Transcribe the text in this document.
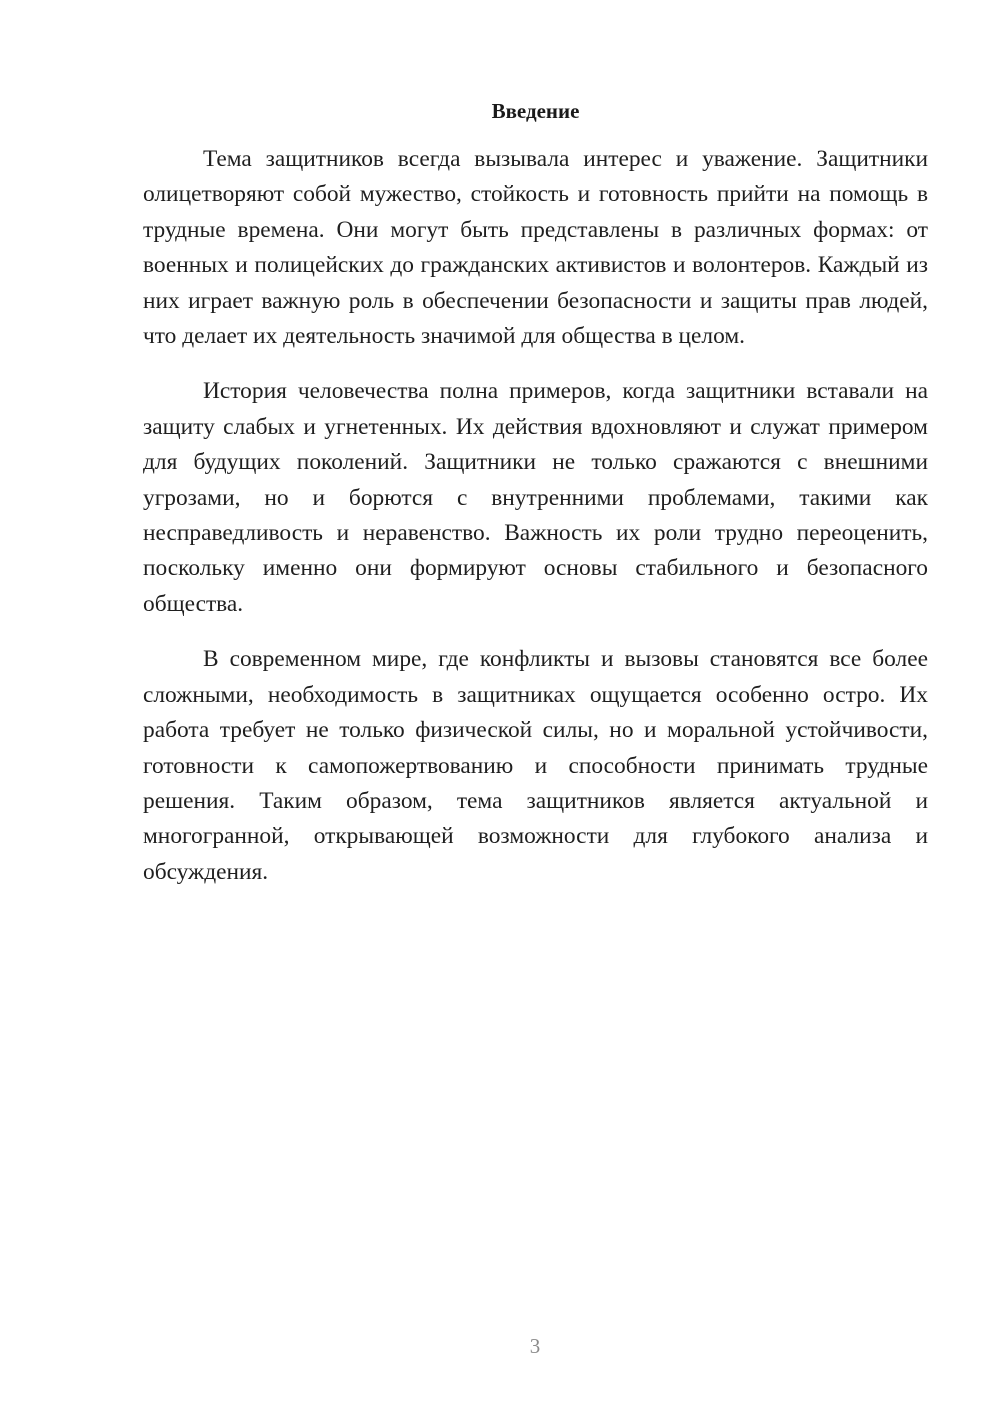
Введение

Тема защитников всегда вызывала интерес и уважение. Защитники олицетворяют собой мужество, стойкость и готовность прийти на помощь в трудные времена. Они могут быть представлены в различных формах: от военных и полицейских до гражданских активистов и волонтеров. Каждый из них играет важную роль в обеспечении безопасности и защиты прав людей, что делает их деятельность значимой для общества в целом.

История человечества полна примеров, когда защитники вставали на защиту слабых и угнетенных. Их действия вдохновляют и служат примером для будущих поколений. Защитники не только сражаются с внешними угрозами, но и борются с внутренними проблемами, такими как несправедливость и неравенство. Важность их роли трудно переоценить, поскольку именно они формируют основы стабильного и безопасного общества.

В современном мире, где конфликты и вызовы становятся все более сложными, необходимость в защитниках ощущается особенно остро. Их работа требует не только физической силы, но и моральной устойчивости, готовности к самопожертвованию и способности принимать трудные решения. Таким образом, тема защитников является актуальной и многогранной, открывающей возможности для глубокого анализа и обсуждения.

3
